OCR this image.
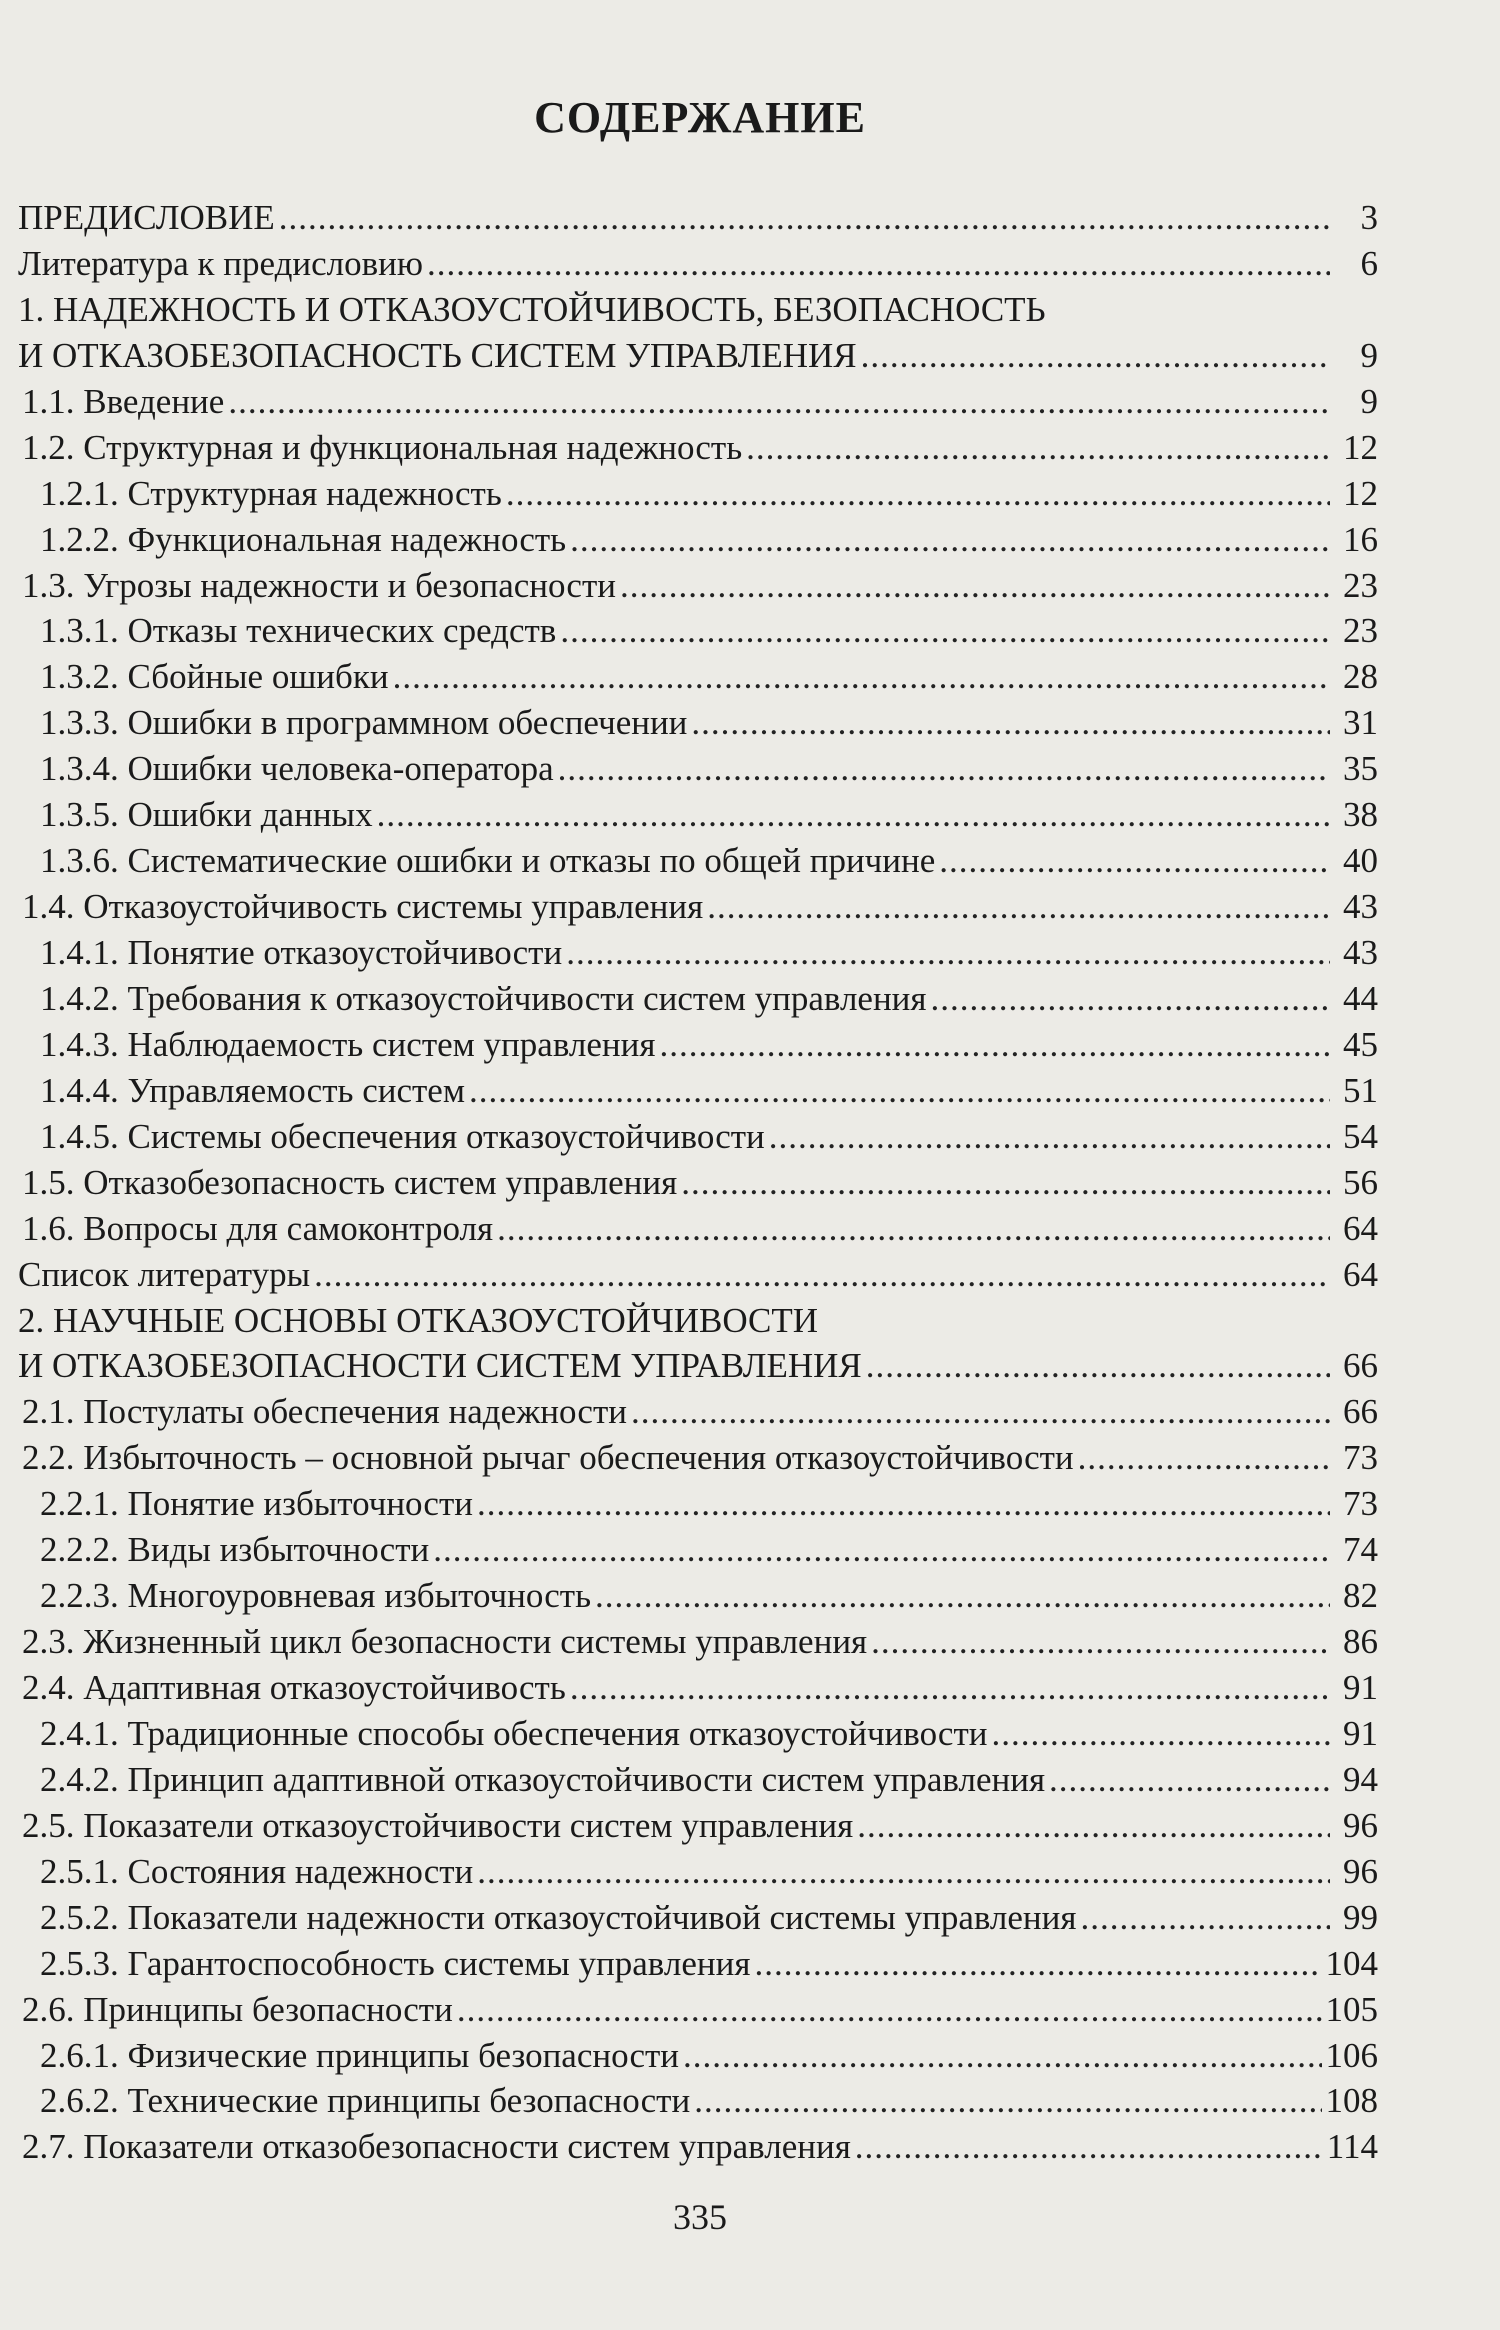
СОДЕРЖАНИЕ
ПРЕДИСЛОВИЕ .....	3
Литература к предисловию .....	6
1. НАДЕЖНОСТЬ И ОТКАЗОУСТОЙЧИВОСТЬ, БЕЗОПАСНОСТЬ
И ОТКАЗОБЕЗОПАСНОСТЬ СИСТЕМ УПРАВЛЕНИЯ .....	9
1.1. Введение .....	9
1.2. Структурная и функциональная надежность .....	12
1.2.1. Структурная надежность .....	12
1.2.2. Функциональная надежность .....	16
1.3. Угрозы надежности и безопасности .....	23
1.3.1. Отказы технических средств .....	23
1.3.2. Сбойные ошибки .....	28
1.3.3. Ошибки в программном обеспечении .....	31
1.3.4. Ошибки человека-оператора .....	35
1.3.5. Ошибки данных .....	38
1.3.6. Систематические ошибки и отказы по общей причине .....	40
1.4. Отказоустойчивость системы управления .....	43
1.4.1. Понятие отказоустойчивости .....	43
1.4.2. Требования к отказоустойчивости систем управления .....	44
1.4.3. Наблюдаемость систем управления .....	45
1.4.4. Управляемость систем .....	51
1.4.5. Системы обеспечения отказоустойчивости .....	54
1.5. Отказобезопасность систем управления .....	56
1.6. Вопросы для самоконтроля .....	64
Список литературы .....	64
2. НАУЧНЫЕ ОСНОВЫ ОТКАЗОУСТОЙЧИВОСТИ
И ОТКАЗОБЕЗОПАСНОСТИ СИСТЕМ УПРАВЛЕНИЯ .....	66
2.1. Постулаты обеспечения надежности .....	66
2.2. Избыточность – основной рычаг обеспечения отказоустойчивости .....	73
2.2.1. Понятие избыточности .....	73
2.2.2. Виды избыточности .....	74
2.2.3. Многоуровневая избыточность .....	82
2.3. Жизненный цикл безопасности системы управления .....	86
2.4. Адаптивная отказоустойчивость .....	91
2.4.1. Традиционные способы обеспечения отказоустойчивости .....	91
2.4.2. Принцип адаптивной отказоустойчивости систем управления .....	94
2.5. Показатели отказоустойчивости систем управления .....	96
2.5.1. Состояния надежности .....	96
2.5.2. Показатели надежности отказоустойчивой системы управления .....	99
2.5.3. Гарантоспособность системы управления .....	104
2.6. Принципы безопасности .....	105
2.6.1. Физические принципы безопасности .....	106
2.6.2. Технические принципы безопасности .....	108
2.7. Показатели отказобезопасности систем управления .....	114
335
